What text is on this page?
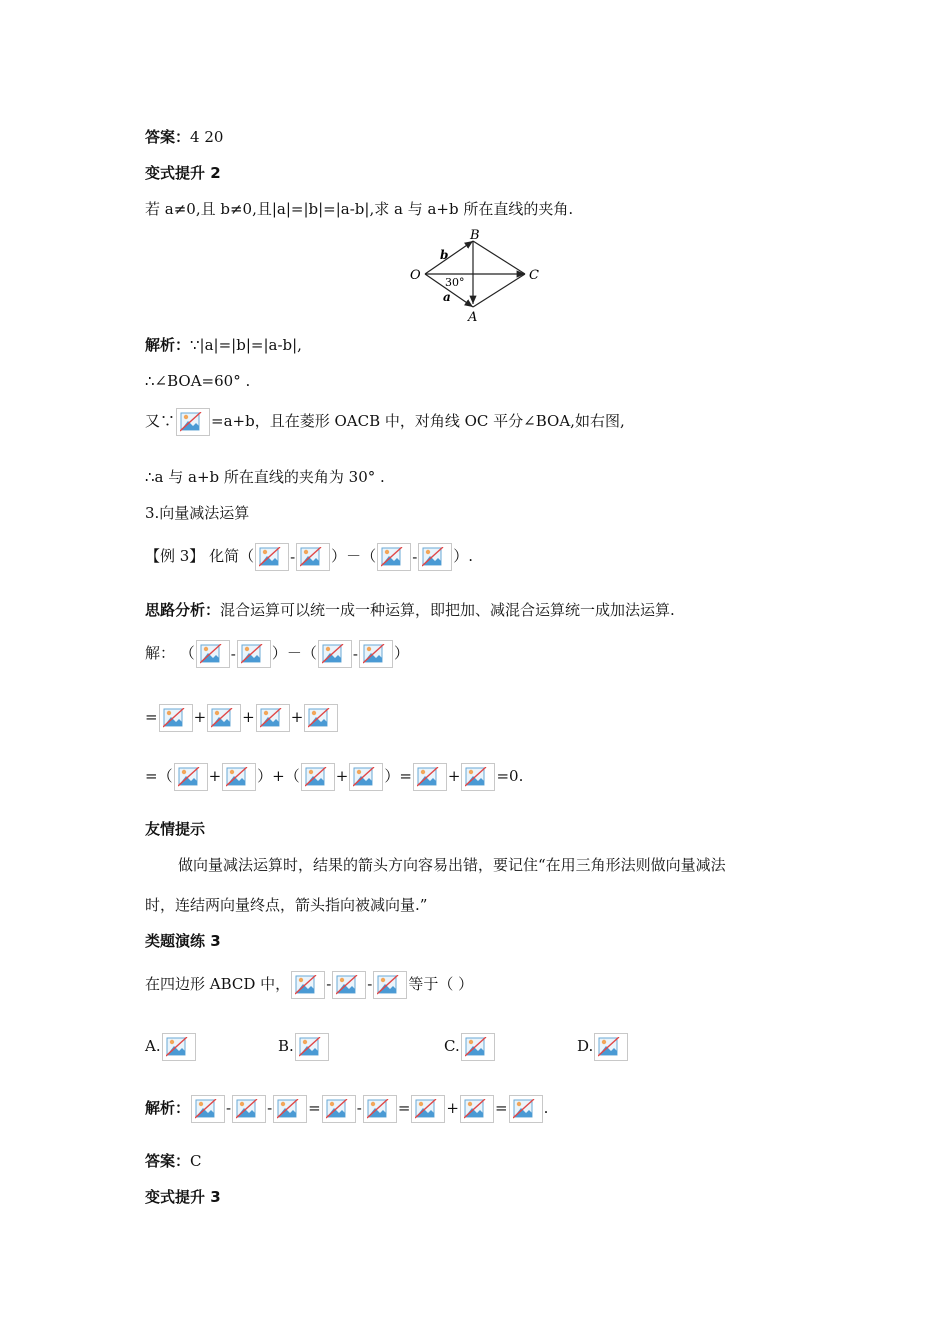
答案：4 20
变式提升 2
若 a≠0,且 b≠0,且|a|=|b|=|a-b|,求 a 与 a+b 所在直线的夹角.
O
B
A
C
b
a
30°
解析：∵|a|=|b|=|a-b|,
∴∠BOA=60° .
又∵ =a+b，且在菱形 OACB 中，对角线 OC 平分∠BOA,如右图,
∴a 与 a+b 所在直线的夹角为 30° .
3.向量减法运算
【例 3】 化简（ - ）－（ - ）.
思路分析：混合运算可以统一成一种运算，即把加、减混合运算统一成加法运算.
解： （ - ）－（ - ）
= + + +
=（ + ）+（ + ）= + =0.
友情提示
做向量减法运算时，结果的箭头方向容易出错，要记住“在用三角形法则做向量减法
时，连结两向量终点，箭头指向被减向量.”
类题演练 3
在四边形 ABCD 中， - - 等于（ ）
A.	B.	C.	D.
解析： - - = - = + = .
答案：C
变式提升 3
